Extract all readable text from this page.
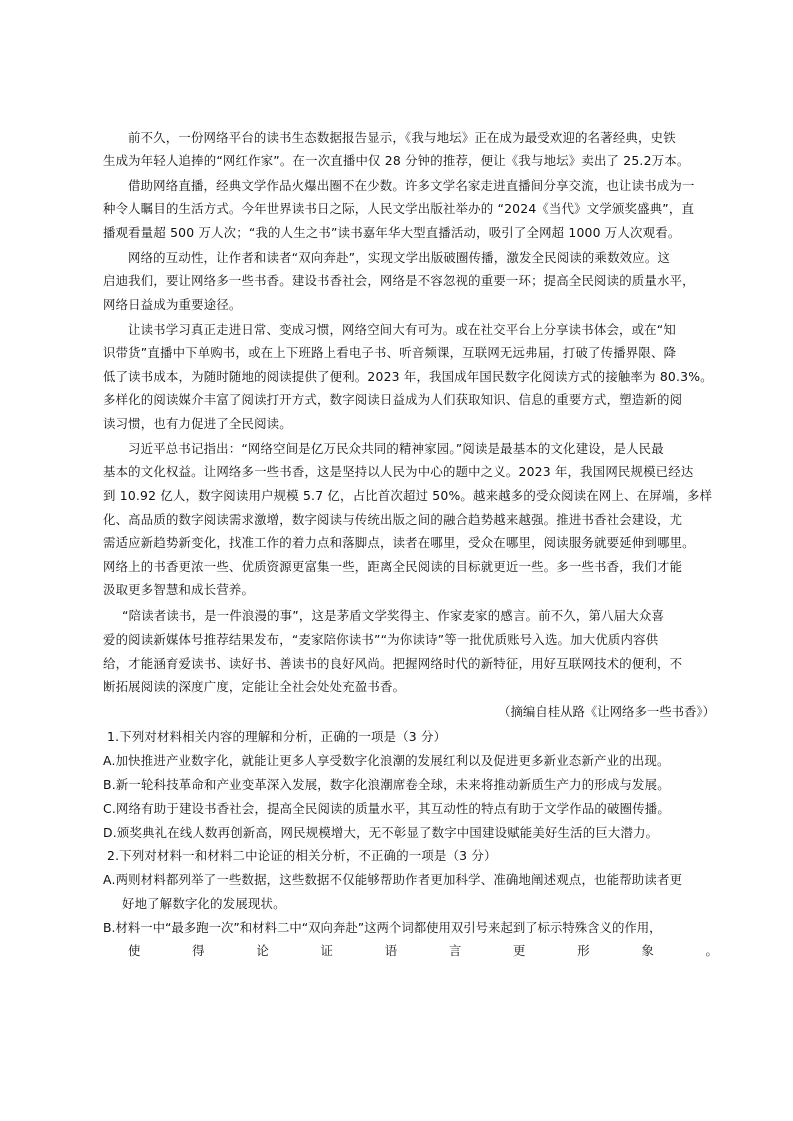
前不久，一份网络平台的读书生态数据报告显示，《我与地坛》正在成为最受欢迎的名著经典，史铁
生成为年轻人追捧的“网红作家”。在一次直播中仅 28 分钟的推荐，便让《我与地坛》卖出了 25.2万本。
借助网络直播，经典文学作品火爆出圈不在少数。许多文学名家走进直播间分享交流，也让读书成为一
种令人瞩目的生活方式。今年世界读书日之际，人民文学出版社举办的 “2024《当代》文学颁奖盛典”，直
播观看量超 500 万人次；“我的人生之书”读书嘉年华大型直播活动，吸引了全网超 1000 万人次观看。
网络的互动性，让作者和读者“双向奔赴”，实现文学出版破圈传播，激发全民阅读的乘数效应。这
启迪我们，要让网络多一些书香。建设书香社会，网络是不容忽视的重要一环；提高全民阅读的质量水平，
网络日益成为重要途径。
让读书学习真正走进日常、变成习惯，网络空间大有可为。或在社交平台上分享读书体会，或在“知
识带货”直播中下单购书，或在上下班路上看电子书、听音频课，互联网无远弗届，打破了传播界限、降
低了读书成本，为随时随地的阅读提供了便利。2023 年，我国成年国民数字化阅读方式的接触率为 80.3%。
多样化的阅读媒介丰富了阅读打开方式，数字阅读日益成为人们获取知识、信息的重要方式，塑造新的阅
读习惯，也有力促进了全民阅读。
习近平总书记指出：“网络空间是亿万民众共同的精神家园。”阅读是最基本的文化建设，是人民最
基本的文化权益。让网络多一些书香，这是坚持以人民为中心的题中之义。2023 年，我国网民规模已经达
到 10.92 亿人，数字阅读用户规模 5.7 亿，占比首次超过 50%。越来越多的受众阅读在网上、在屏端，多样
化、高品质的数字阅读需求激增，数字阅读与传统出版之间的融合趋势越来越强。推进书香社会建设，尤
需适应新趋势新变化，找准工作的着力点和落脚点，读者在哪里，受众在哪里，阅读服务就要延伸到哪里。
网络上的书香更浓一些、优质资源更富集一些，距离全民阅读的目标就更近一些。多一些书香，我们才能
汲取更多智慧和成长营养。
“陪读者读书，是一件浪漫的事”，这是茅盾文学奖得主、作家麦家的感言。前不久，第八届大众喜
爱的阅读新媒体号推荐结果发布，“麦家陪你读书”“为你读诗”等一批优质账号入选。加大优质内容供
给，才能涵育爱读书、读好书、善读书的良好风尚。把握网络时代的新特征，用好互联网技术的便利，不
断拓展阅读的深度广度，定能让全社会处处充盈书香。
（摘编自桂从路《让网络多一些书香》）
1.下列对材料相关内容的理解和分析，正确的一项是（3 分）
A.加快推进产业数字化，就能让更多人享受数字化浪潮的发展红利以及促进更多新业态新产业的出现。
B.新一轮科技革命和产业变革深入发展，数字化浪潮席卷全球，未来将推动新质生产力的形成与发展。
C.网络有助于建设书香社会，提高全民阅读的质量水平，其互动性的特点有助于文学作品的破圈传播。
D.颁奖典礼在线人数再创新高，网民规模增大，无不彰显了数字中国建设赋能美好生活的巨大潜力。
2.下列对材料一和材料二中论证的相关分析，不正确的一项是（3 分）
A.两则材料都列举了一些数据，这些数据不仅能够帮助作者更加科学、准确地阐述观点，也能帮助读者更
好地了解数字化的发展现状。
B.材料一中“最多跑一次”和材料二中“双向奔赴”这两个词都使用双引号来起到了标示特殊含义的作用，
使	得	论	证	语	言	更	形	象	。
